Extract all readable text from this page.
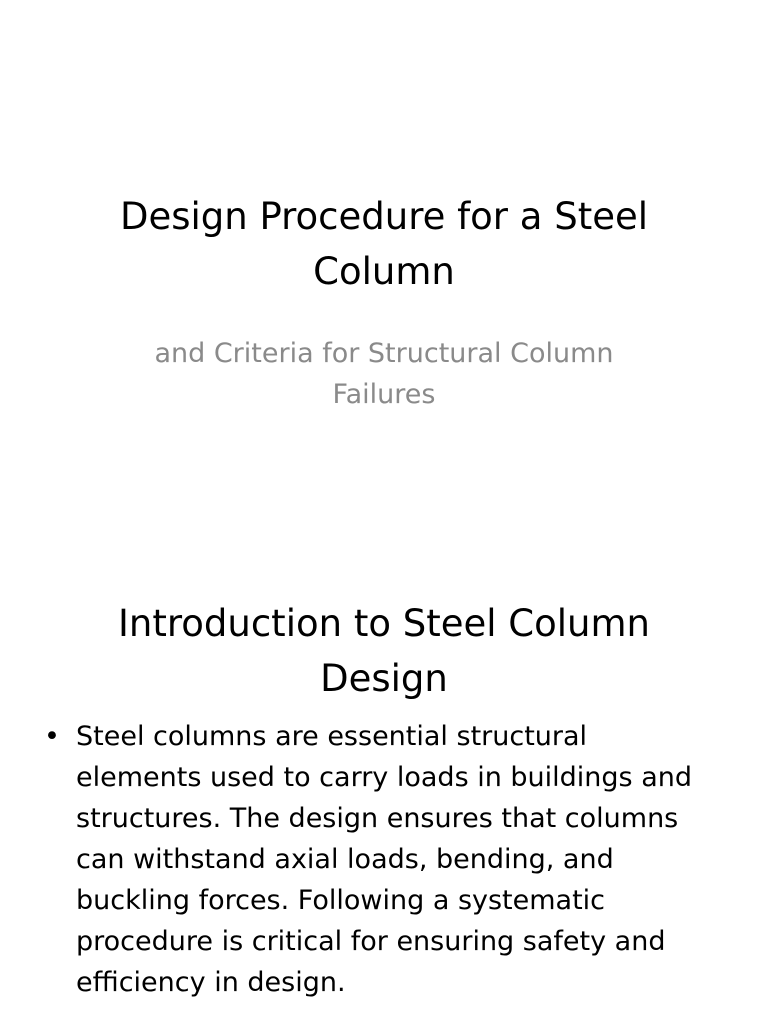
Design Procedure for a Steel Column

and Criteria for Structural Column Failures

Introduction to Steel Column Design
• Steel columns are essential structural elements used to carry loads in buildings and structures. The design ensures that columns can withstand axial loads, bending, and buckling forces. Following a systematic procedure is critical for ensuring safety and efficiency in design.
